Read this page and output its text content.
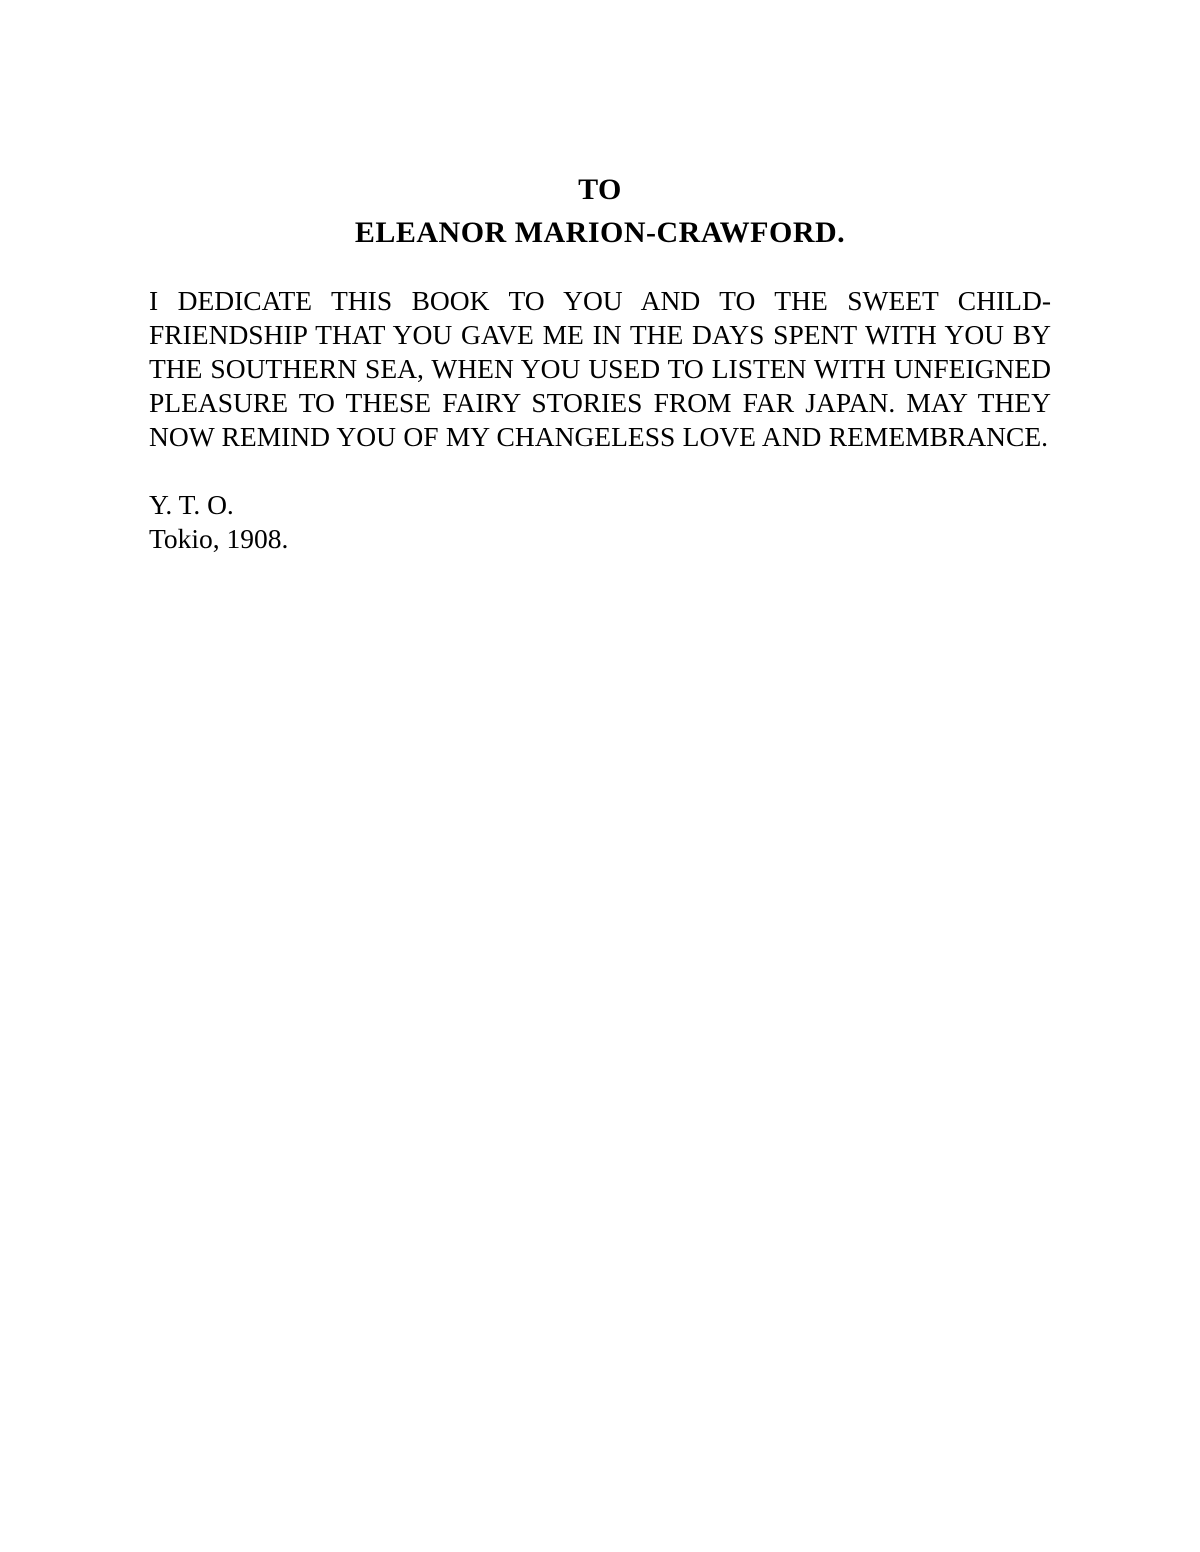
TO
ELEANOR MARION-CRAWFORD.

I DEDICATE THIS BOOK TO YOU AND TO THE SWEET CHILD-FRIENDSHIP THAT YOU GAVE ME IN THE DAYS SPENT WITH YOU BY THE SOUTHERN SEA, WHEN YOU USED TO LISTEN WITH UNFEIGNED PLEASURE TO THESE FAIRY STORIES FROM FAR JAPAN. MAY THEY NOW REMIND YOU OF MY CHANGELESS LOVE AND REMEMBRANCE.

Y. T. O.
Tokio, 1908.
